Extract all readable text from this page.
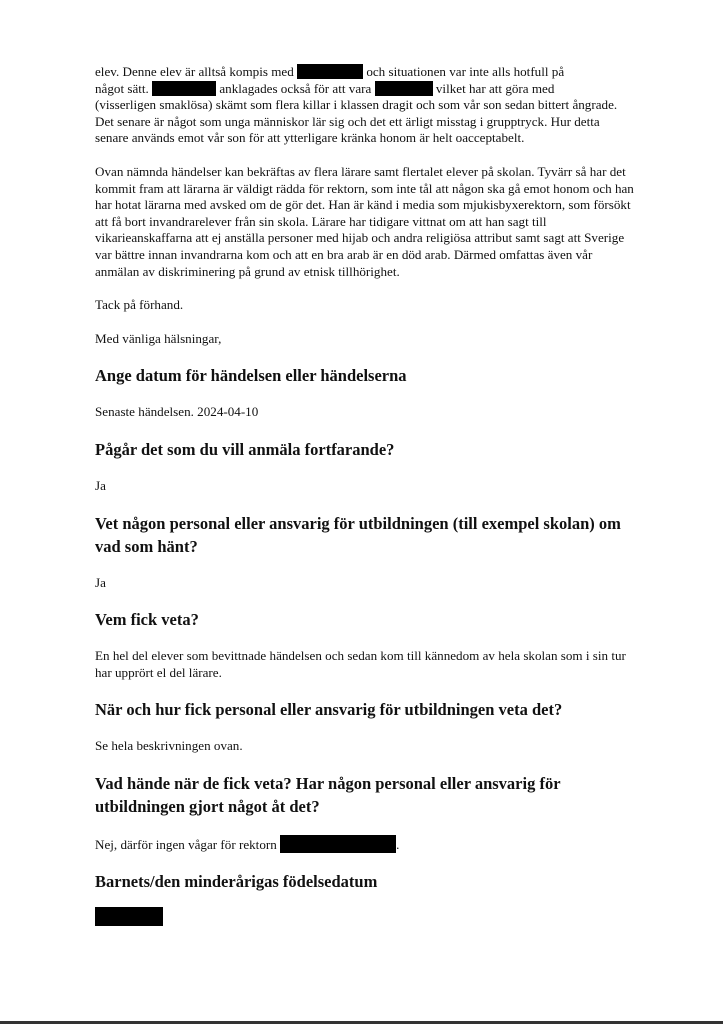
elev. Denne elev är alltså kompis med	och situationen var inte alls hotfull på
något sätt.	anklagades också för att vara	vilket har att göra med
(visserligen smaklösa) skämt som flera killar i klassen dragit och som vår son sedan bittert ångrade. Det senare är något som unga människor lär sig och det ett ärligt misstag i grupptryck. Hur detta senare används emot vår son för att ytterligare kränka honom är helt oacceptabelt.

Ovan nämnda händelser kan bekräftas av flera lärare samt flertalet elever på skolan. Tyvärr så har det kommit fram att lärarna är väldigt rädda för rektorn, som inte tål att någon ska gå emot honom och han har hotat lärarna med avsked om de gör det. Han är känd i media som mjukisbyxerektorn, som försökt att få bort invandrarelever från sin skola. Lärare har tidigare vittnat om att han sagt till vikarieanskaffarna att ej anställa personer med hijab och andra religiösa attribut samt sagt att Sverige var bättre innan invandrarna kom och att en bra arab är en död arab. Därmed omfattas även vår anmälan av diskriminering på grund av etnisk tillhörighet.

Tack på förhand.

Med vänliga hälsningar,

Ange datum för händelsen eller händelserna

Senaste händelsen. 2024-04-10

Pågår det som du vill anmäla fortfarande?

Ja

Vet någon personal eller ansvarig för utbildningen (till exempel skolan) om vad som hänt?

Ja

Vem fick veta?

En hel del elever som bevittnade händelsen och sedan kom till kännedom av hela skolan som i sin tur har upprört el del lärare.

När och hur fick personal eller ansvarig för utbildningen veta det?

Se hela beskrivningen ovan.

Vad hände när de fick veta? Har någon personal eller ansvarig för utbildningen gjort något åt det?

Nej, därför ingen vågar för rektorn	.

Barnets/den minderårigas födelsedatum
